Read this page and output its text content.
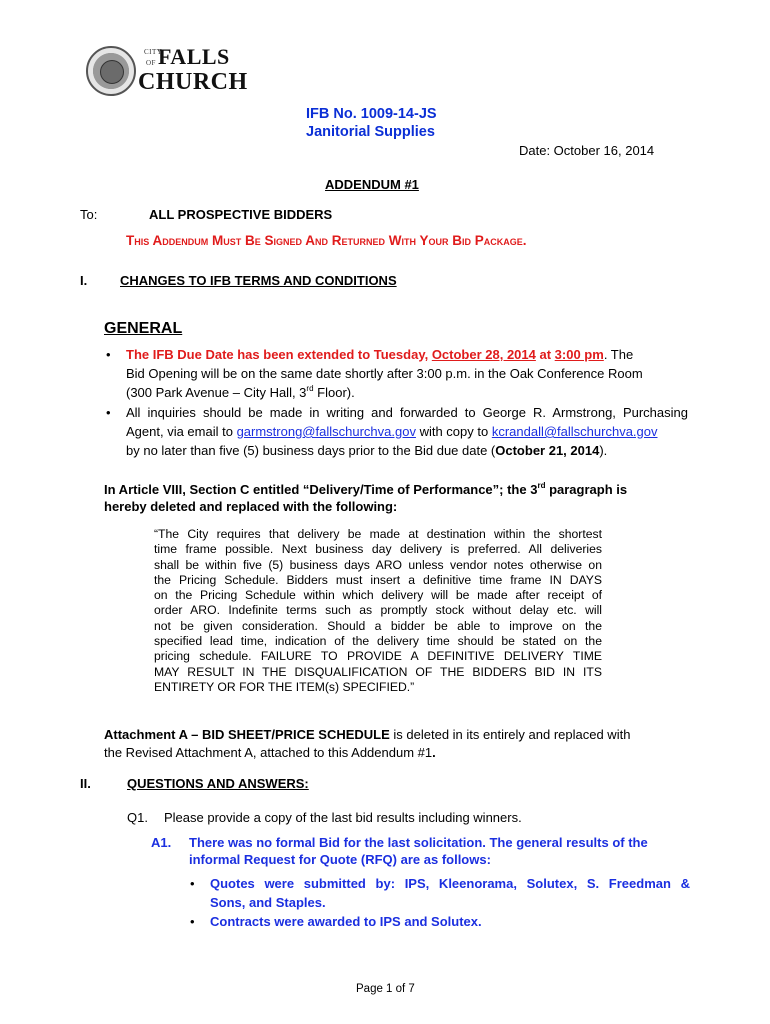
CITY
OF FALLS
CHURCH
IFB No. 1009-14-JS
Janitorial Supplies
Date: October 16, 2014
ADDENDUM #1
To:	ALL PROSPECTIVE BIDDERS
This Addendum Must Be Signed And Returned With Your Bid Package.
I.	CHANGES TO IFB TERMS AND CONDITIONS
GENERAL
• The IFB Due Date has been extended to Tuesday, October 28, 2014 at 3:00 pm. The
Bid Opening will be on the same date shortly after 3:00 p.m. in the Oak Conference Room
(300 Park Avenue – City Hall, 3rd Floor).
• All inquiries should be made in writing and forwarded to George R. Armstrong, Purchasing
Agent, via email to garmstrong@fallschurchva.gov with copy to kcrandall@fallschurchva.gov
by no later than five (5) business days prior to the Bid due date (October 21, 2014).
In Article VIII, Section C entitled “Delivery/Time of Performance”; the 3rd paragraph is
hereby deleted and replaced with the following:
“The City requires that delivery be made at destination within the shortest
time frame possible. Next business day delivery is preferred. All deliveries
shall be within five (5) business days ARO unless vendor notes otherwise on
the Pricing Schedule. Bidders must insert a definitive time frame IN DAYS
on the Pricing Schedule within which delivery will be made after receipt of
order ARO. Indefinite terms such as promptly stock without delay etc. will
not be given consideration. Should a bidder be able to improve on the
specified lead time, indication of the delivery time should be stated on the
pricing schedule. FAILURE TO PROVIDE A DEFINITIVE DELIVERY TIME
MAY RESULT IN THE DISQUALIFICATION OF THE BIDDERS BID IN ITS
ENTIRETY OR FOR THE ITEM(s) SPECIFIED.”
Attachment A – BID SHEET/PRICE SCHEDULE is deleted in its entirely and replaced with
the Revised Attachment A, attached to this Addendum #1.
II.	QUESTIONS AND ANSWERS:
Q1. Please provide a copy of the last bid results including winners.
A1. There was no formal Bid for the last solicitation. The general results of the
informal Request for Quote (RFQ) are as follows:
• Quotes were submitted by: IPS, Kleenorama, Solutex, S. Freedman &
Sons, and Staples.
• Contracts were awarded to IPS and Solutex.
Page 1 of 7
